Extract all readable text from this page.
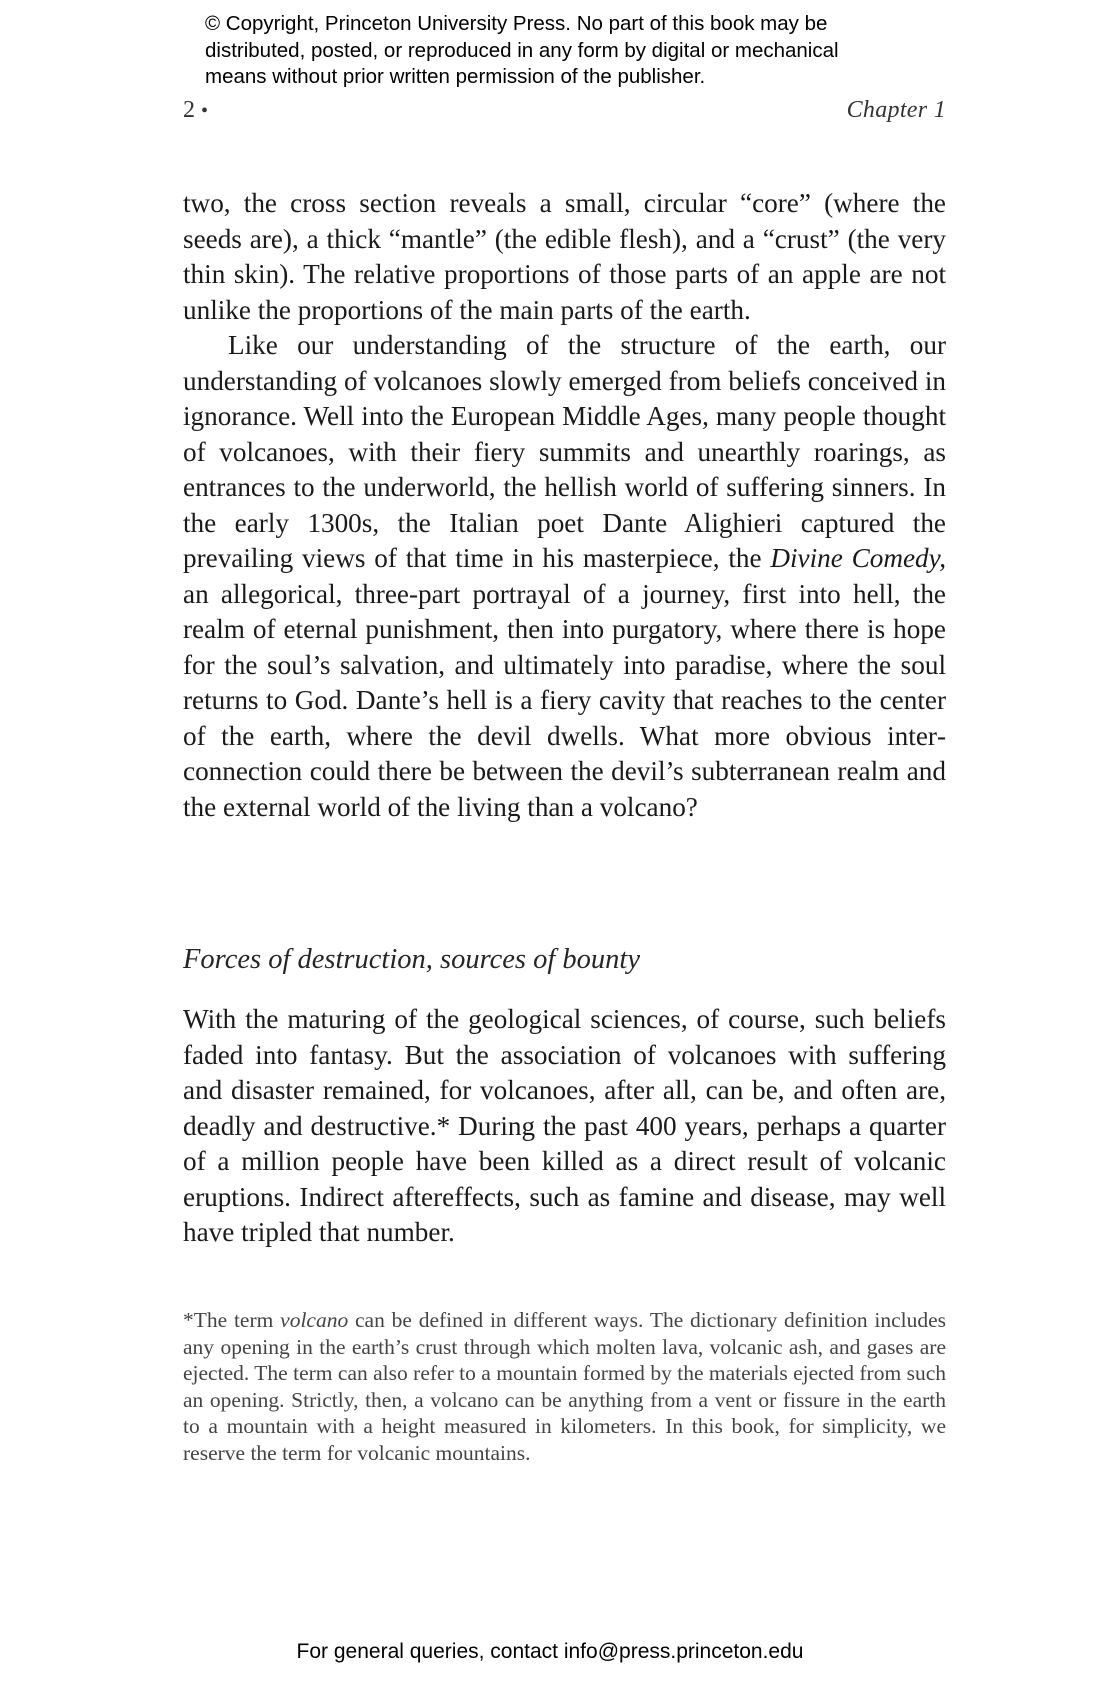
© Copyright, Princeton University Press. No part of this book may be
distributed, posted, or reproduced in any form by digital or mechanical
means without prior written permission of the publisher.
2 •	Chapter 1

two, the cross section reveals a small, circular “core” (where the seeds are), a thick “mantle” (the edible flesh), and a “crust” (the very thin skin). The relative proportions of those parts of an apple are not unlike the proportions of the main parts of the earth.

Like our understanding of the structure of the earth, our understanding of volcanoes slowly emerged from beliefs conceived in ignorance. Well into the European Middle Ages, many people thought of volcanoes, with their fiery summits and unearthly roarings, as entrances to the underworld, the hellish world of suffering sinners. In the early 1300s, the Italian poet Dante Alighieri captured the prevailing views of that time in his masterpiece, the Divine Comedy, an allegorical, three-part portrayal of a journey, first into hell, the realm of eternal punishment, then into purgatory, where there is hope for the soul’s salvation, and ultimately into paradise, where the soul returns to God. Dante’s hell is a fiery cavity that reaches to the center of the earth, where the devil dwells. What more obvious interconnection could there be between the devil’s subterranean realm and the external world of the living than a volcano?

Forces of destruction, sources of bounty

With the maturing of the geological sciences, of course, such beliefs faded into fantasy. But the association of volcanoes with suffering and disaster remained, for volcanoes, after all, can be, and often are, deadly and destructive.* During the past 400 years, perhaps a quarter of a million people have been killed as a direct result of volcanic eruptions. Indirect aftereffects, such as famine and disease, may well have tripled that number.

*The term volcano can be defined in different ways. The dictionary definition includes any opening in the earth’s crust through which molten lava, volcanic ash, and gases are ejected. The term can also refer to a mountain formed by the materials ejected from such an opening. Strictly, then, a volcano can be anything from a vent or fissure in the earth to a mountain with a height measured in kilometers. In this book, for simplicity, we reserve the term for volcanic mountains.

For general queries, contact info@press.princeton.edu
